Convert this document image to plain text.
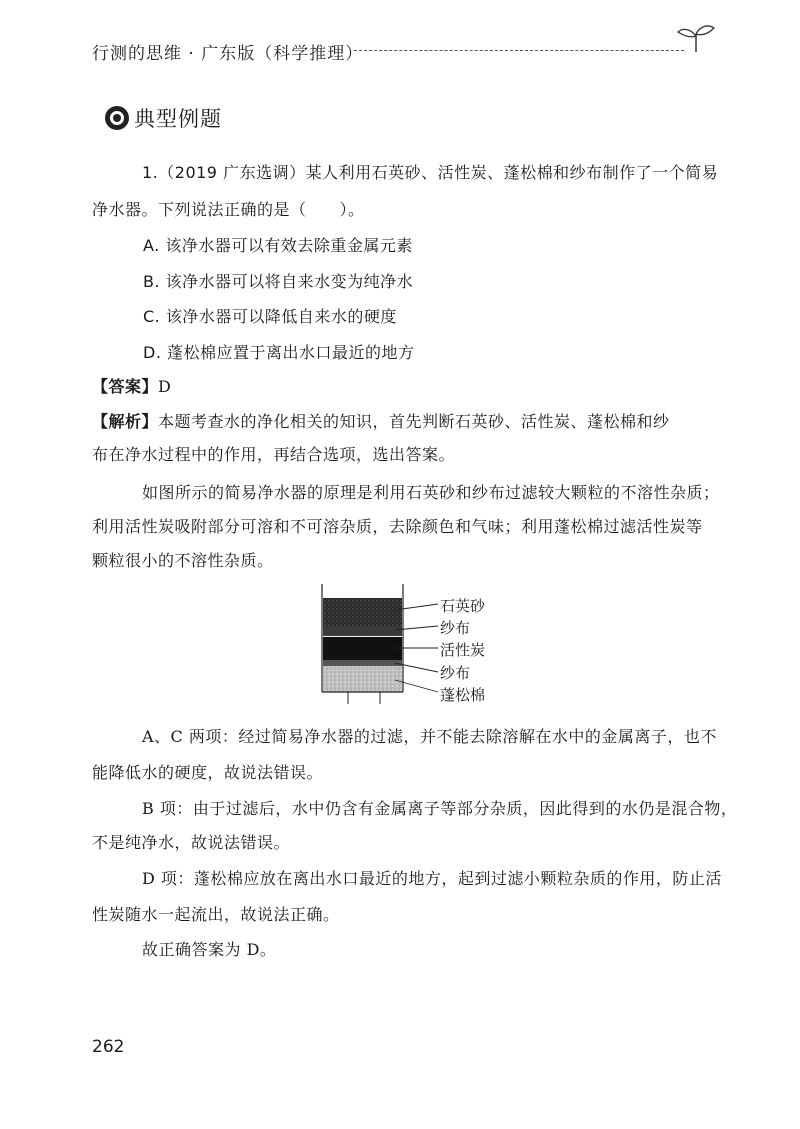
行测的思维 · 广东版（科学推理）
典型例题
1.（2019 广东选调）某人利用石英砂、活性炭、蓬松棉和纱布制作了一个简易
净水器。下列说法正确的是（　　）。
A. 该净水器可以有效去除重金属元素
B. 该净水器可以将自来水变为纯净水
C. 该净水器可以降低自来水的硬度
D. 蓬松棉应置于离出水口最近的地方
【答案】D
【解析】本题考查水的净化相关的知识，首先判断石英砂、活性炭、蓬松棉和纱
布在净水过程中的作用，再结合选项，选出答案。
如图所示的简易净水器的原理是利用石英砂和纱布过滤较大颗粒的不溶性杂质；
利用活性炭吸附部分可溶和不可溶杂质，去除颜色和气味；利用蓬松棉过滤活性炭等
颗粒很小的不溶性杂质。
石英砂
纱布
活性炭
纱布
蓬松棉
A、C 两项：经过简易净水器的过滤，并不能去除溶解在水中的金属离子，也不
能降低水的硬度，故说法错误。
B 项：由于过滤后，水中仍含有金属离子等部分杂质，因此得到的水仍是混合物，
不是纯净水，故说法错误。
D 项：蓬松棉应放在离出水口最近的地方，起到过滤小颗粒杂质的作用，防止活
性炭随水一起流出，故说法正确。
故正确答案为 D。
262
